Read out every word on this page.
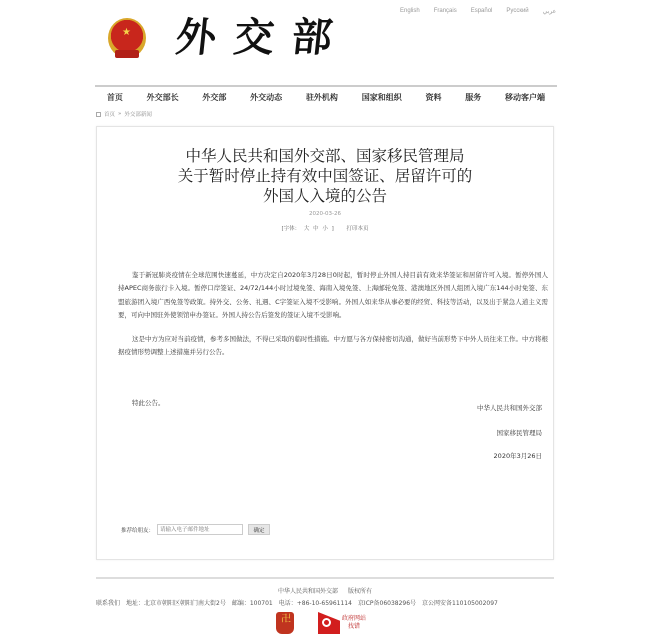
English Français Español Русский عربي
★ 外交部
首页	外交部长	外交部	外交动态	驻外机构	国家和组织	资料	服务	移动客户端
首页 » 外交部新闻
中华人民共和国外交部、国家移民管理局
关于暂时停止持有效中国签证、居留许可的
外国人入境的公告
2020-03-26
[字体： 大 中 小 ] 打印本页

鉴于新冠肺炎疫情在全球范围快速蔓延，中方决定自2020年3月28日0时起，暂时停止外国人持目前有效来华签证和居留许可入境。暂停外国人持APEC商务旅行卡入境。暂停口岸签证、24/72/144小时过境免签、海南入境免签、上海邮轮免签、港澳地区外国人组团入境广东144小时免签、东盟旅游团入境广西免签等政策。持外交、公务、礼遇、C字签证入境不受影响。外国人如来华从事必要的经贸、科技等活动，以及出于紧急人道主义需要，可向中国驻外使领馆申办签证。外国人持公告后签发的签证入境不受影响。

这是中方为应对当前疫情，参考多国做法，不得已采取的临时性措施。中方愿与各方保持密切沟通，做好当前形势下中外人员往来工作。中方将根据疫情形势调整上述措施并另行公告。

特此公告。

中华人民共和国外交部
国家移民管理局
2020年3月26日
推荐给朋友：
请输入电子邮件地址	确定
中华人民共和国外交部 版权所有
联系我们 地址：北京市朝阳区朝阳门南大街2号 邮编：100701 电话：+86-10-65961114 京ICP备06038296号 京公网安备110105002097
卍	政府网站
找错
